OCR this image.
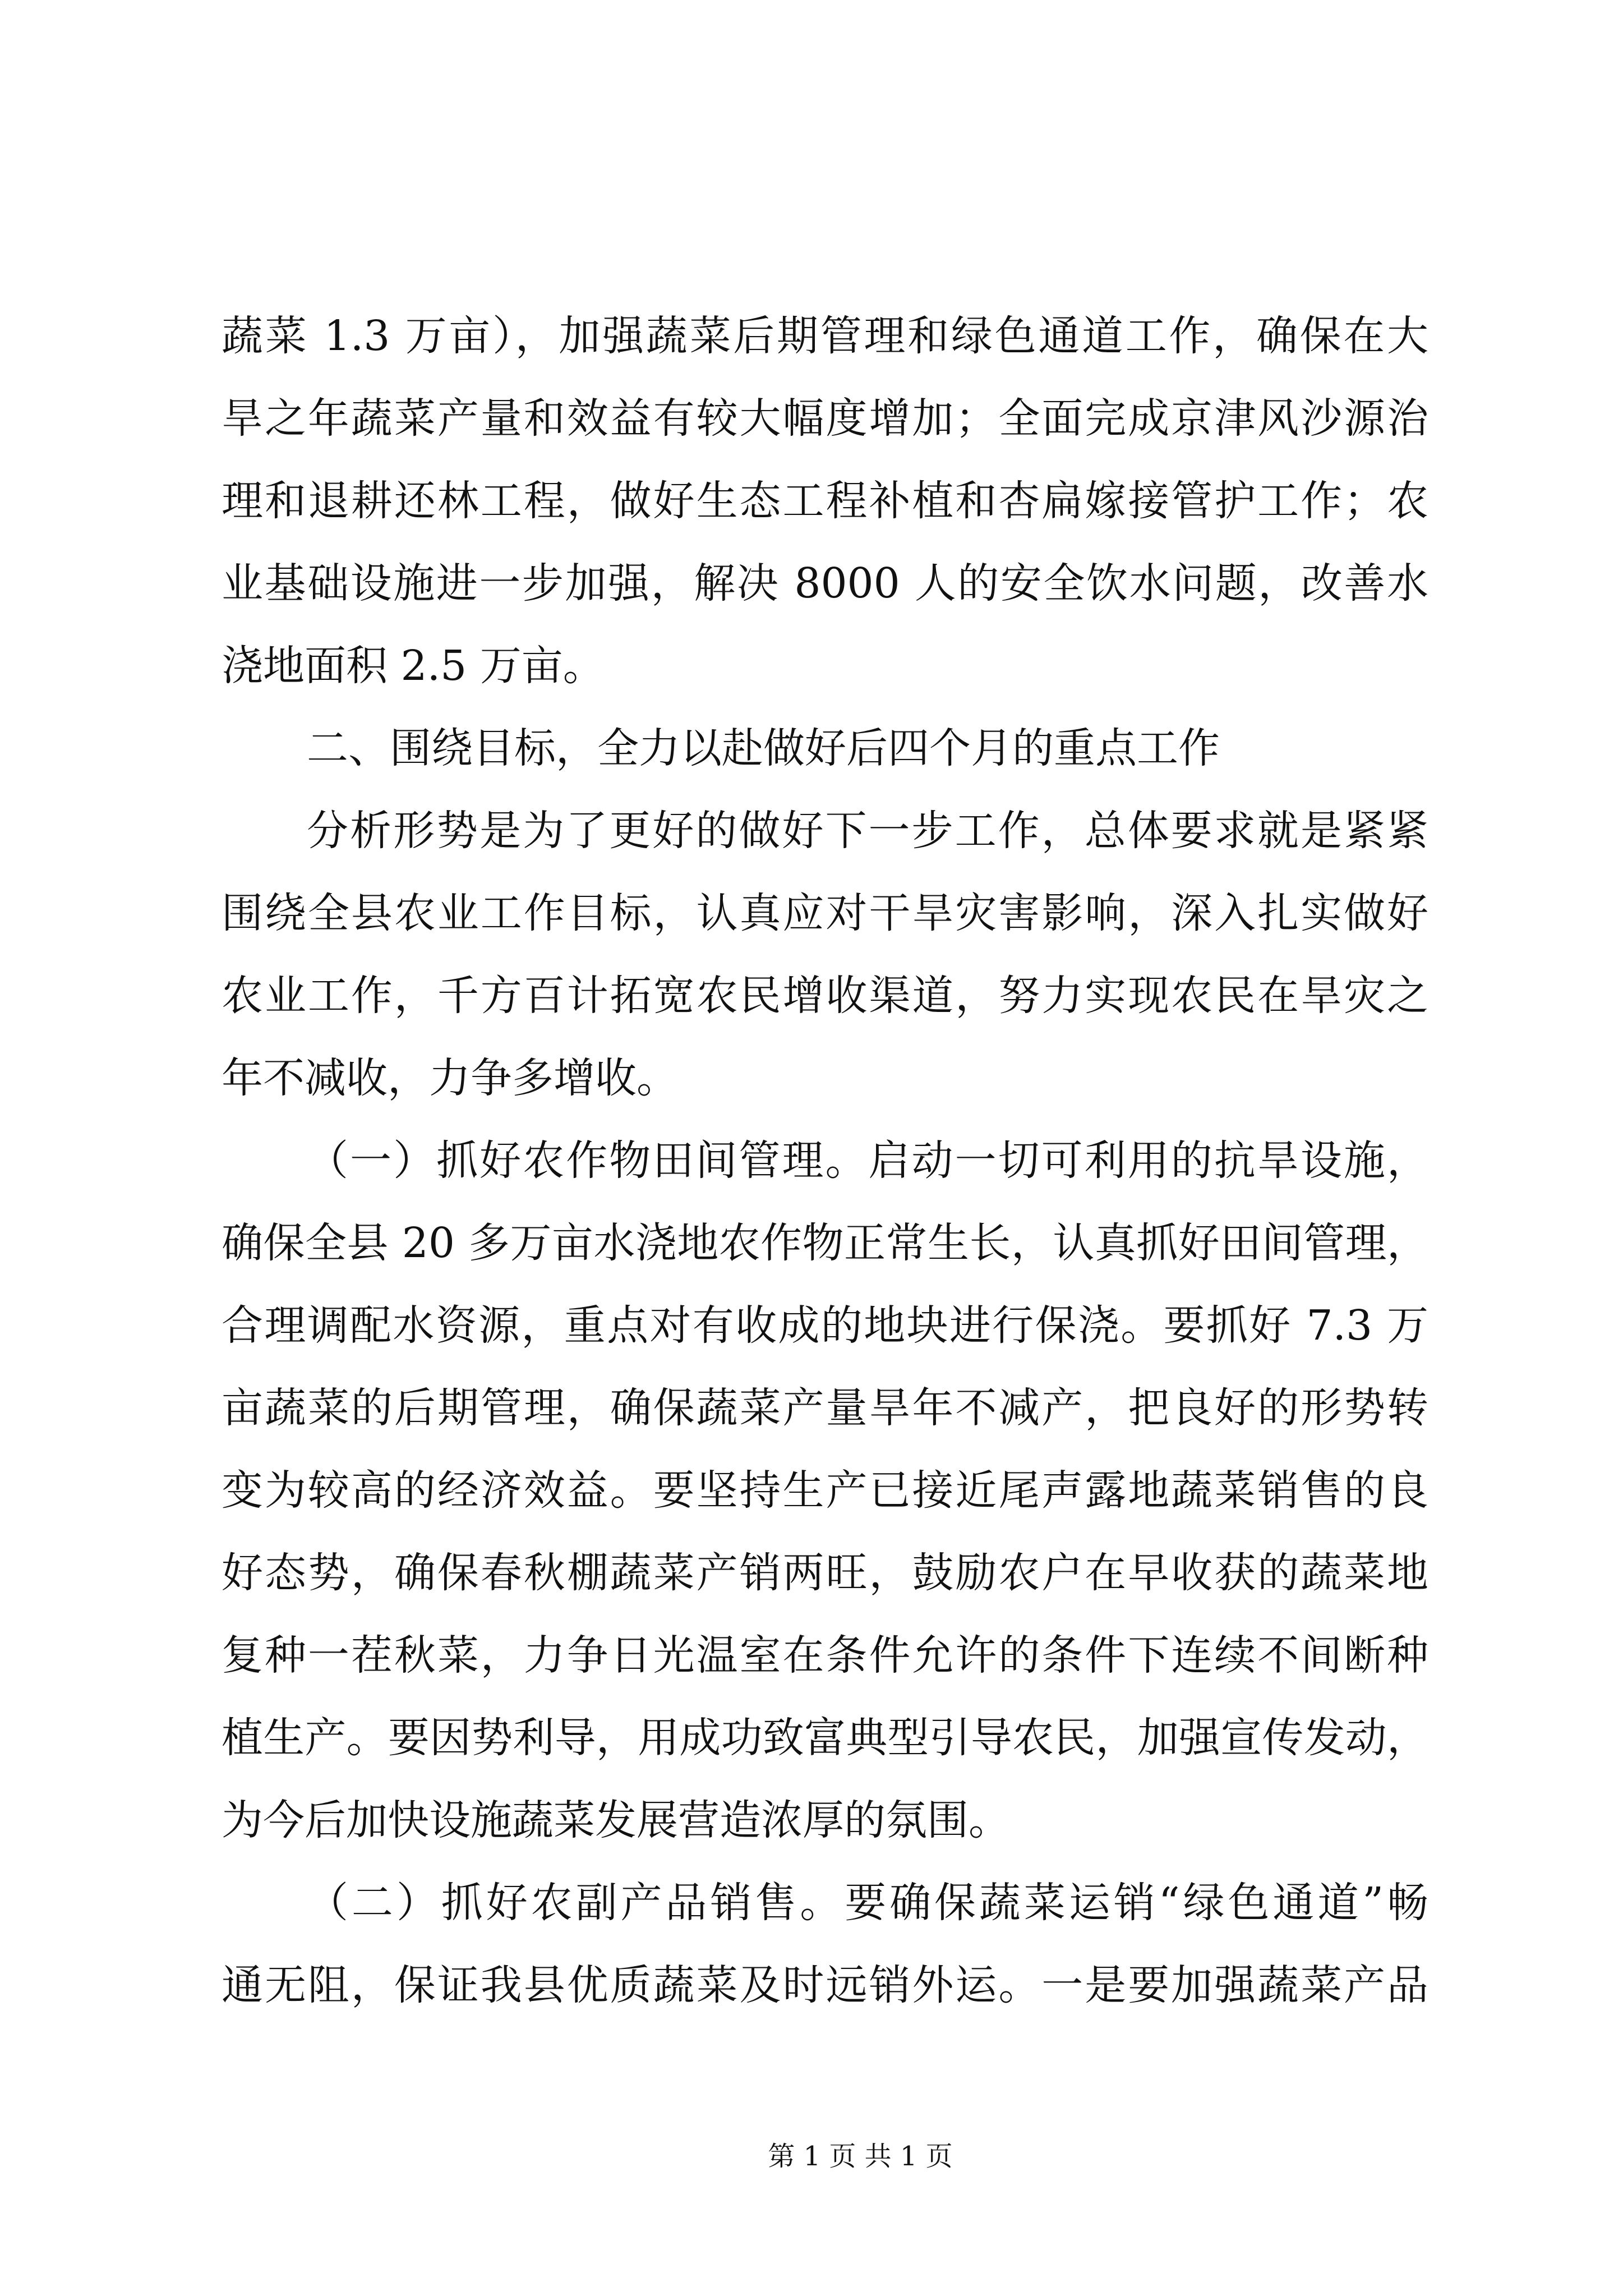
蔬菜 1.3 万亩），加强蔬菜后期管理和绿色通道工作，确保在大
旱之年蔬菜产量和效益有较大幅度增加；全面完成京津风沙源治
理和退耕还林工程，做好生态工程补植和杏扁嫁接管护工作；农
业基础设施进一步加强，解决 8000 人的安全饮水问题，改善水
浇地面积 2.5 万亩。
二、围绕目标，全力以赴做好后四个月的重点工作
分析形势是为了更好的做好下一步工作，总体要求就是紧紧
围绕全县农业工作目标，认真应对干旱灾害影响，深入扎实做好
农业工作，千方百计拓宽农民增收渠道，努力实现农民在旱灾之
年不减收，力争多增收。
（一）抓好农作物田间管理。启动一切可利用的抗旱设施，
确保全县 20 多万亩水浇地农作物正常生长，认真抓好田间管理，
合理调配水资源，重点对有收成的地块进行保浇。要抓好 7.3 万
亩蔬菜的后期管理，确保蔬菜产量旱年不减产，把良好的形势转
变为较高的经济效益。要坚持生产已接近尾声露地蔬菜销售的良
好态势，确保春秋棚蔬菜产销两旺，鼓励农户在早收获的蔬菜地
复种一茬秋菜，力争日光温室在条件允许的条件下连续不间断种
植生产。要因势利导，用成功致富典型引导农民，加强宣传发动，
为今后加快设施蔬菜发展营造浓厚的氛围。
（二）抓好农副产品销售。要确保蔬菜运销“绿色通道”畅
通无阻，保证我县优质蔬菜及时远销外运。一是要加强蔬菜产品
第 1 页 共 1 页
